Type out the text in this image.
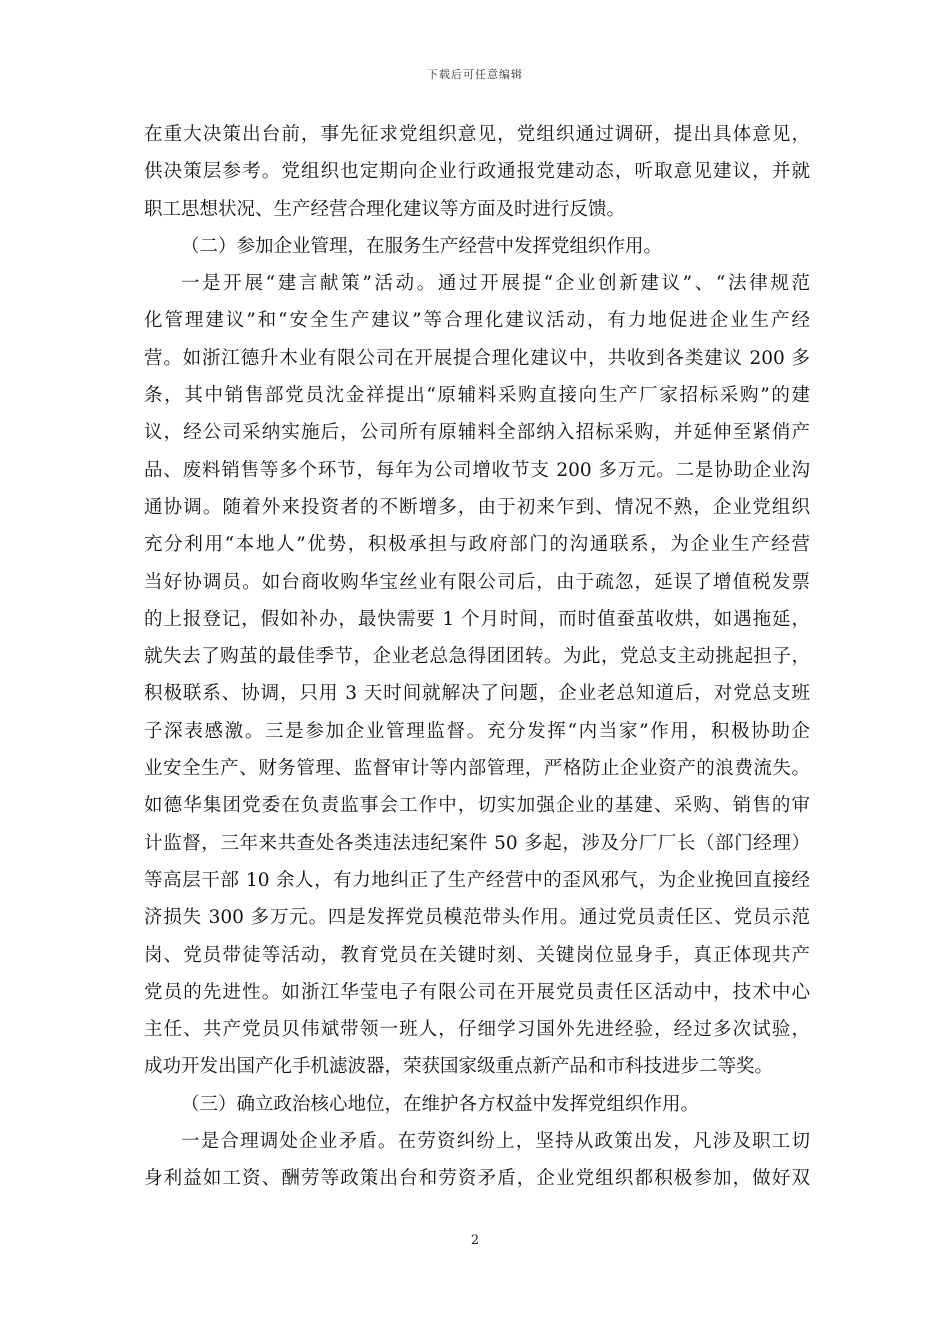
下载后可任意编辑
在重大决策出台前，事先征求党组织意见，党组织通过调研，提出具体意见，
供决策层参考。党组织也定期向企业行政通报党建动态，听取意见建议，并就
职工思想状况、生产经营合理化建议等方面及时进行反馈。
（二）参加企业管理，在服务生产经营中发挥党组织作用。
一是开展“建言献策”活动。通过开展提“企业创新建议”、“法律规范
化管理建议”和“安全生产建议”等合理化建议活动，有力地促进企业生产经
营。如浙江德升木业有限公司在开展提合理化建议中，共收到各类建议 200 多
条，其中销售部党员沈金祥提出“原辅料采购直接向生产厂家招标采购”的建
议，经公司采纳实施后，公司所有原辅料全部纳入招标采购，并延伸至紧俏产
品、废料销售等多个环节，每年为公司增收节支 200 多万元。二是协助企业沟
通协调。随着外来投资者的不断增多，由于初来乍到、情况不熟，企业党组织
充分利用“本地人”优势，积极承担与政府部门的沟通联系，为企业生产经营
当好协调员。如台商收购华宝丝业有限公司后，由于疏忽，延误了增值税发票
的上报登记，假如补办，最快需要 1 个月时间，而时值蚕茧收烘，如遇拖延，
就失去了购茧的最佳季节，企业老总急得团团转。为此，党总支主动挑起担子，
积极联系、协调，只用 3 天时间就解决了问题，企业老总知道后，对党总支班
子深表感激。三是参加企业管理监督。充分发挥“内当家”作用，积极协助企
业安全生产、财务管理、监督审计等内部管理，严格防止企业资产的浪费流失。
如德华集团党委在负责监事会工作中，切实加强企业的基建、采购、销售的审
计监督，三年来共查处各类违法违纪案件 50 多起，涉及分厂厂长（部门经理）
等高层干部 10 余人，有力地纠正了生产经营中的歪风邪气，为企业挽回直接经
济损失 300 多万元。四是发挥党员模范带头作用。通过党员责任区、党员示范
岗、党员带徒等活动，教育党员在关键时刻、关键岗位显身手，真正体现共产
党员的先进性。如浙江华莹电子有限公司在开展党员责任区活动中，技术中心
主任、共产党员贝伟斌带领一班人，仔细学习国外先进经验，经过多次试验，
成功开发出国产化手机滤波器，荣获国家级重点新产品和市科技进步二等奖。
（三）确立政治核心地位，在维护各方权益中发挥党组织作用。
一是合理调处企业矛盾。在劳资纠纷上，坚持从政策出发，凡涉及职工切
身利益如工资、酬劳等政策出台和劳资矛盾，企业党组织都积极参加，做好双
2
